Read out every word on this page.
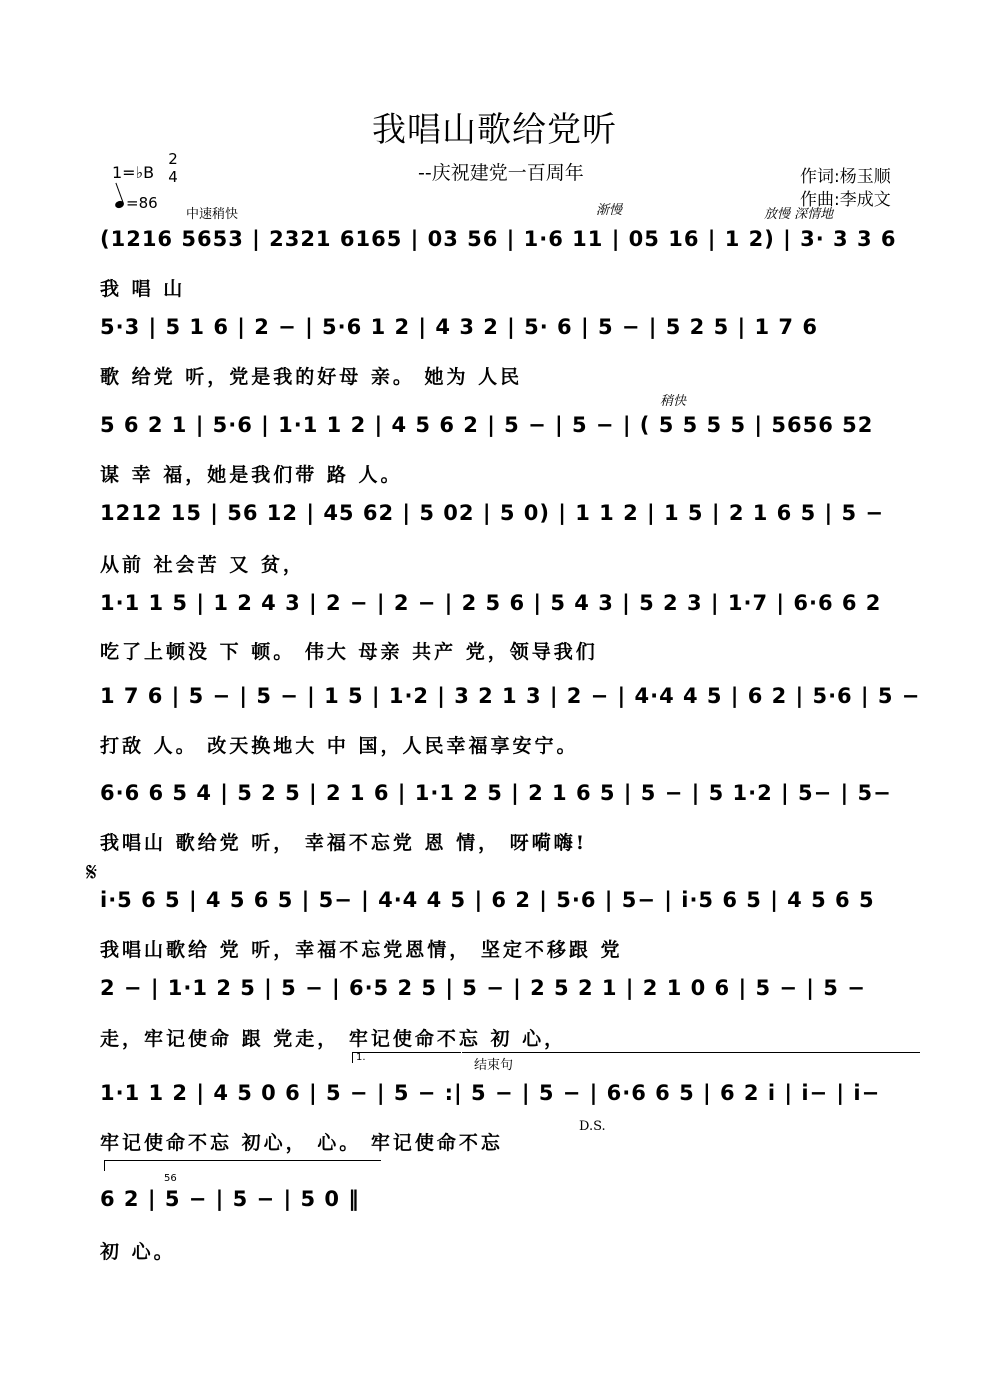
我唱山歌给党听
--庆祝建党一百周年	作词:杨玉顺
作曲:李成文
1=♭B
2
4
=86
中速稍快	渐慢	放慢 深情地
稍快
结束句
1.
D.S.
𝄋
56
(1216 5653 | 2321 6165 | 03 56 | 1·6 11 | 05 16 | 1 2) | 3· 3 3 6
我 唱 山
5·3 | 5 1 6 | 2 − | 5·6 1 2 | 4 3 2 | 5· 6 | 5 − | 5 2 5 | 1 7 6
歌 给党 听，党是我的好母 亲。 她为 人民
5 6 2 1 | 5·6 | 1·1 1 2 | 4 5 6 2 | 5 − | 5 − | ( 5 5 5 5 | 5656 52
谋 幸 福，她是我们带 路 人。
1212 15 | 56 12 | 45 62 | 5 02 | 5 0) | 1 1 2 | 1 5 | 2 1 6 5 | 5 −
从前 社会苦 又 贫，
1·1 1 5 | 1 2 4 3 | 2 − | 2 − | 2 5 6 | 5 4 3 | 5 2 3 | 1·7 | 6·6 6 2
吃了上顿没 下 顿。 伟大 母亲 共产 党，领导我们
1 7 6 | 5 − | 5 − | 1 5 | 1·2 | 3 2 1 3 | 2 − | 4·4 4 5 | 6 2 | 5·6 | 5 −
打敌 人。 改天换地大 中 国，人民幸福享安宁。
6·6 6 5 4 | 5 2 5 | 2 1 6 | 1·1 2 5 | 2 1 6 5 | 5 − | 5 1·2 | 5− | 5−
我唱山 歌给党 听， 幸福不忘党 恩 情， 呀嗬嗨!
i·5 6 5 | 4 5 6 5 | 5− | 4·4 4 5 | 6 2 | 5·6 | 5− | i·5 6 5 | 4 5 6 5
我唱山歌给 党 听，幸福不忘党恩情， 坚定不移跟 党
2 − | 1·1 2 5 | 5 − | 6·5 2 5 | 5 − | 2 5 2 1 | 2 1 0 6 | 5 − | 5 −
走，牢记使命 跟 党走， 牢记使命不忘 初 心，
1·1 1 2 | 4 5 0 6 | 5 − | 5 − :| 5 − | 5 − | 6·6 6 5 | 6 2 i | i− | i−
牢记使命不忘 初心， 心。 牢记使命不忘
6 2 | 5 − | 5 − | 5 0 ‖
初 心。
